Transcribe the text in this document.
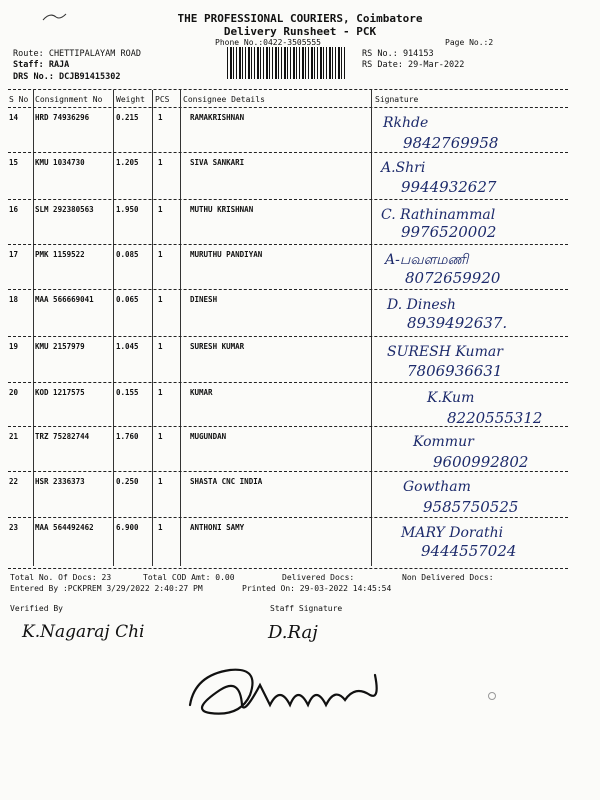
THE PROFESSIONAL COURIERS, Coimbatore
Delivery Runsheet - PCK
Phone No.:0422-3505555	Page No.:2
Route: CHETTIPALAYAM ROAD
Staff: RAJA
DRS No.: DCJB91415302
RS No.: 914153
RS Date: 29-Mar-2022
S No Consignment No Weight PCS Consignee Details	Signature
14 HRD 74936296	0.215	1	RAMAKRISHNAN	Rkhde
9842769958
15 KMU 1034730	1.205	1	SIVA SANKARI	A.Shri
9944932627
16 SLM 292380563	1.950	1	MUTHU KRISHNAN	C. Rathinammal
9976520002
17 PMK 1159522	0.085	1	MURUTHU PANDIYAN	A-பவளமணி
8072659920
18 MAA 566669041	0.065	1	DINESH	D. Dinesh
8939492637.
19 KMU 2157979	1.045	1	SURESH KUMAR	SURESH Kumar
7806936631
20 KOD 1217575	0.155	1	KUMAR	K.Kum
8220555312
21 TRZ 75282744	1.760	1	MUGUNDAN	Kommur
9600992802
22 HSR 2336373	0.250	1	SHASTA CNC INDIA	Gowtham
9585750525
23 MAA 564492462	6.900	1	ANTHONI SAMY	MARY Dorathi
9444557024
Total No. Of Docs: 23	Total COD Amt: 0.00	Delivered Docs:	Non Delivered Docs:
Entered By :PCKPREM 3/29/2022 2:40:27 PM	Printed On: 29-03-2022 14:45:54
Verified By	Staff Signature
K.Nagaraj Chi	D.Raj
